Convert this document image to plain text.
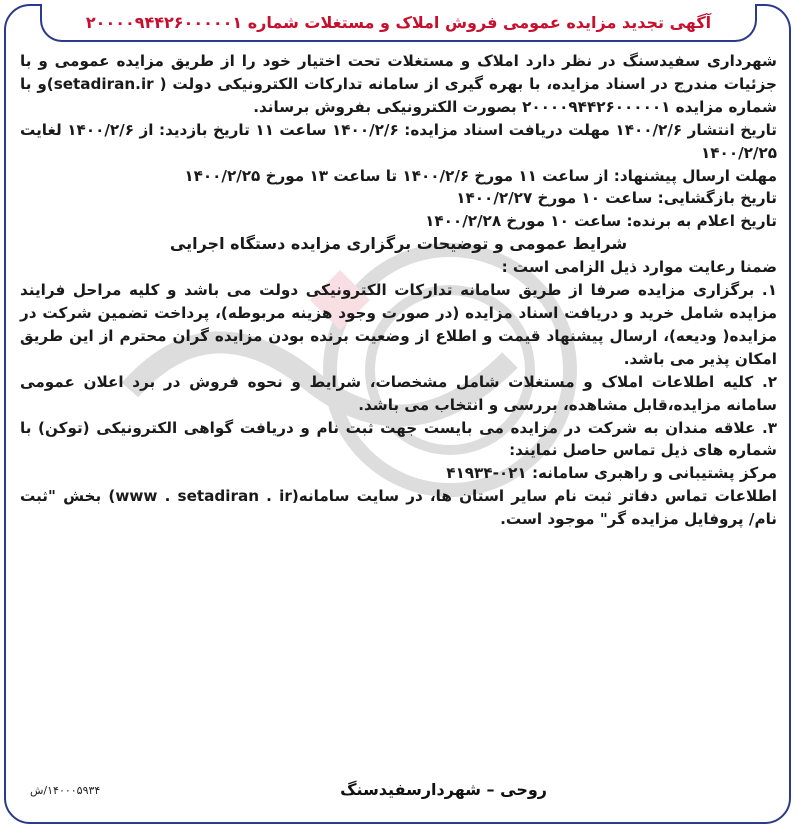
آگهی تجدید مزایده عمومی فروش املاک و مستغلات شماره ۲۰۰۰۰۹۴۴۲۶۰۰۰۰۰۱

شهرداری سفیدسنگ در نظر دارد املاک و مستغلات تحت اختیار خود را از طریق مزایده عمومی و با جزئیات مندرج در اسناد مزایده، با بهره گیری از سامانه تدارکات الکترونیکی دولت ( setadiran.ir)و با شماره مزایده ۲۰۰۰۰۹۴۴۲۶۰۰۰۰۰۱ بصورت الکترونیکی بفروش برساند.

تاریخ انتشار ۱۴۰۰/۲/۶ مهلت دریافت اسناد مزایده: ۱۴۰۰/۲/۶ ساعت ۱۱ تاریخ بازدید: از ۱۴۰۰/۲/۶ لغایت ۱۴۰۰/۲/۲۵

مهلت ارسال پیشنهاد: از ساعت ۱۱ مورخ ۱۴۰۰/۲/۶ تا ساعت ۱۳ مورخ ۱۴۰۰/۲/۲۵

تاریخ بازگشایی: ساعت ۱۰ مورخ ۱۴۰۰/۲/۲۷

تاریخ اعلام به برنده: ساعت ۱۰ مورخ ۱۴۰۰/۲/۲۸

شرایط عمومی و توضیحات برگزاری مزایده دستگاه اجرایی

ضمنا رعایت موارد ذیل الزامی است :

۱. برگزاری مزایده صرفا از طریق سامانه تدارکات الکترونیکی دولت می باشد و کلیه مراحل فرایند مزایده شامل خرید و دریافت اسناد مزایده (در صورت وجود هزینه مربوطه)، پرداخت تضمین شرکت در مزایده( ودیعه)، ارسال پیشنهاد قیمت و اطلاع از وضعیت برنده بودن مزایده گران محترم از این طریق امکان پذیر می باشد.

۲. کلیه اطلاعات املاک و مستغلات شامل مشخصات، شرایط و نحوه فروش در برد اعلان عمومی سامانه مزایده،قابل مشاهده، بررسی و انتخاب می باشد.

۳. علاقه مندان به شرکت در مزایده می بایست جهت ثبت نام و دریافت گواهی الکترونیکی (توکن) با شماره های ذیل تماس حاصل نمایند:

مرکز پشتیبانی و راهبری سامانه: ۰۲۱-۴۱۹۳۴

اطلاعات تماس دفاتر ثبت نام سایر استان ها، در سایت سامانه(www . setadiran . ir) بخش "ثبت نام/ پروفایل مزایده گر" موجود است.

روحی – شهردارسفیدسنگ
۱۴۰۰۰۵۹۳۴/ش
